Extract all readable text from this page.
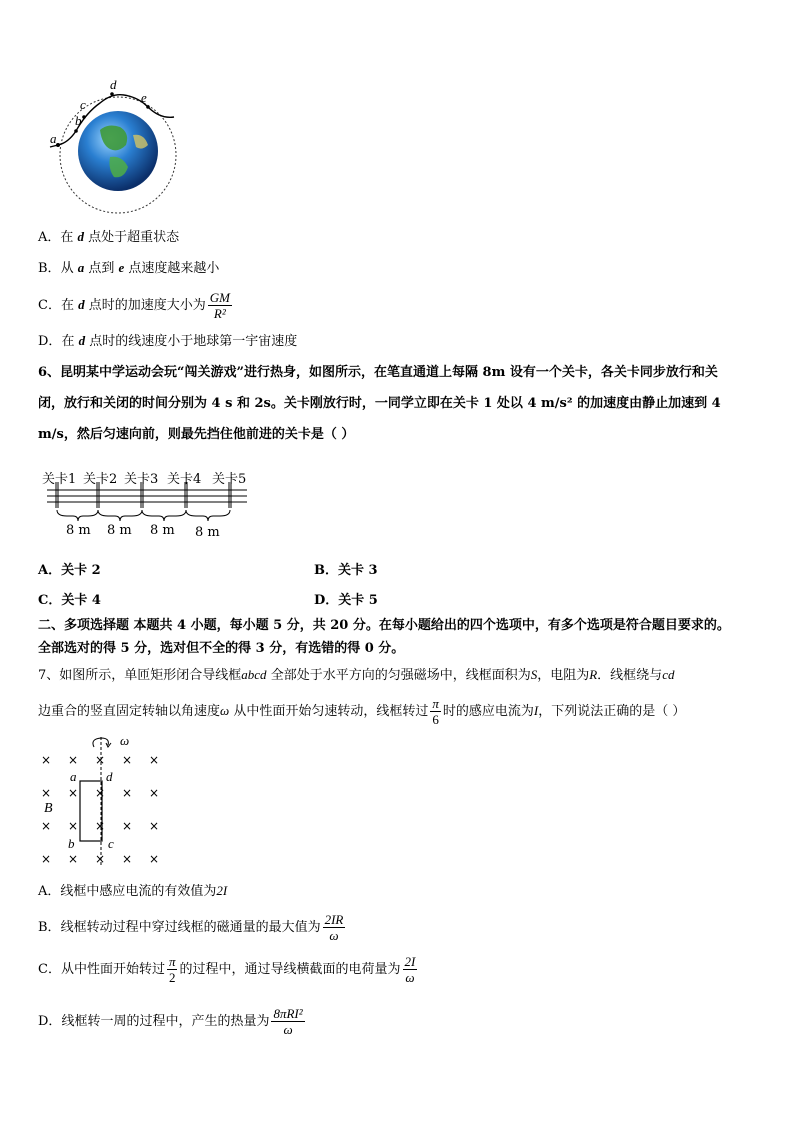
a
b
c
d
e
A．在 d 点处于超重状态
B．从 a 点到 e 点速度越来越小
C．在 d 点时的加速度大小为 $\frac{GM}{\text{R²}}$
D．在 d 点时的线速度小于地球第一宇宙速度
6、昆明某中学运动会玩“闯关游戏”进行热身，如图所示，在笔直通道上每隔 8m 设有一个关卡，各关卡同步放行和关
闭，放行和关闭的时间分别为 4 s 和 2s。关卡刚放行时，一同学立即在关卡 1 处以 4 m/s² 的加速度由静止加速到 4
m/s，然后匀速向前，则最先挡住他前进的关卡是（ ）
关卡1 关卡2 关卡3 关卡4 关卡5
8 m 8 m 8 m 8 m
A．关卡 2	B．关卡 3
C．关卡 4	D．关卡 5
二、多项选择题 本题共 4 小题，每小题 5 分，共 20 分。在每小题给出的四个选项中，有多个选项是符合题目要求的。
全部选对的得 5 分，选对但不全的得 3 分，有选错的得 0 分。
7、如图所示，单匝矩形闭合导线框abcd 全部处于水平方向的匀强磁场中，线框面积为S，电阻为R．线框绕与cd
边重合的竖直固定转轴以角速度ω 从中性面开始匀速转动，线框转过 $\frac{\pi}{6}$ 时的感应电流为I，下列说法正确的是（ ）
ω
B
a d
b	c
× × × × ×
× × × × ×
× × × × ×
× × × × ×
A．线框中感应电流的有效值为2I
B．线框转动过程中穿过线框的磁通量的最大值为 $\frac{2IR}{\omega}$
C．从中性面开始转过 $\frac{\pi}{2}$ 的过程中，通过导线横截面的电荷量为 $\frac{2I}{\omega}$
D．线框转一周的过程中，产生的热量为 $\frac{\text{8πRI²}}{\omega}$
